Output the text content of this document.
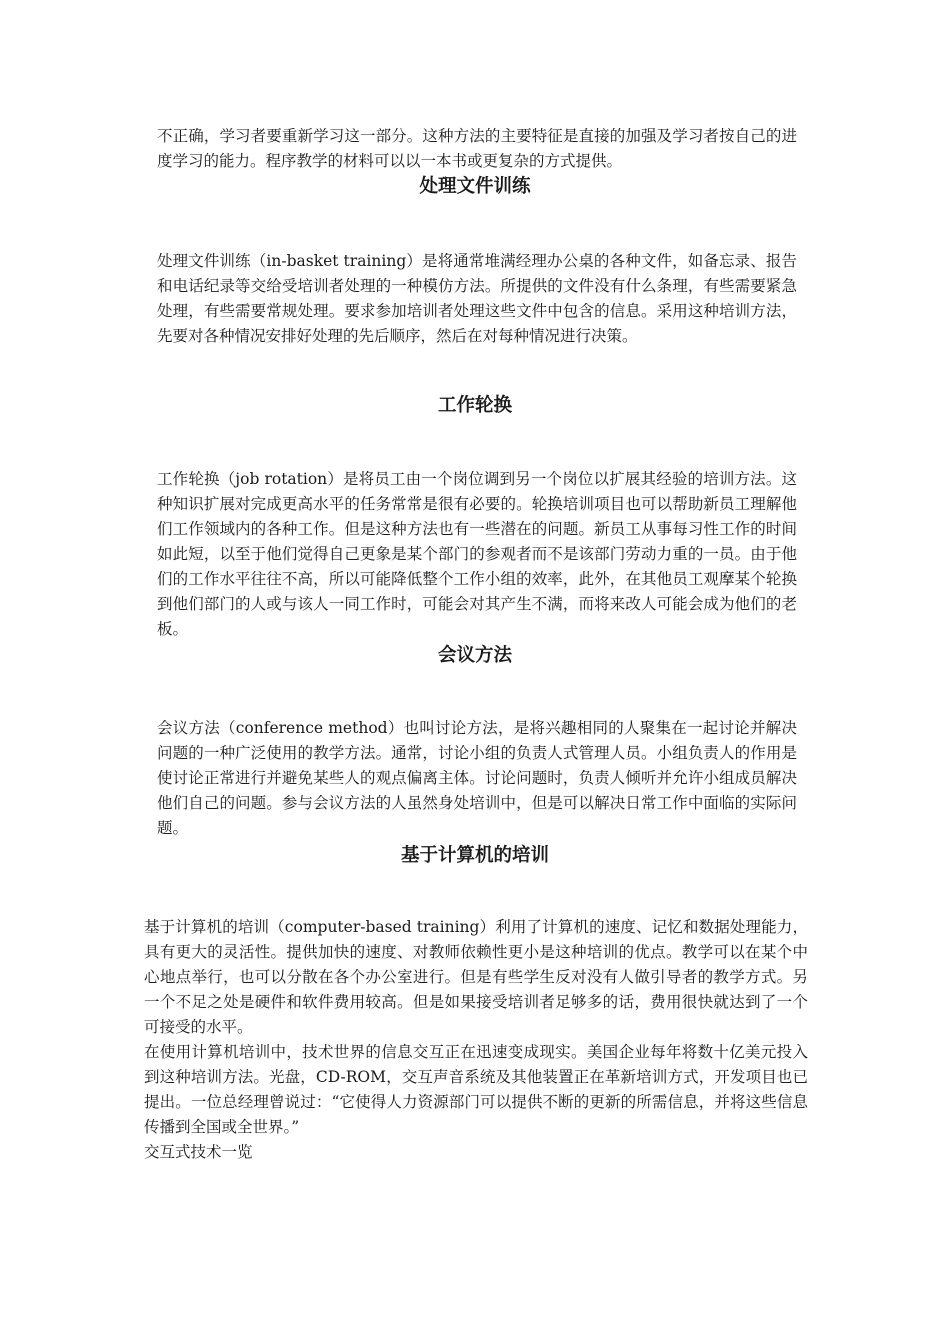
不正确，学习者要重新学习这一部分。这种方法的主要特征是直接的加强及学习者按自己的进度学习的能力。程序教学的材料可以以一本书或更复杂的方式提供。

处理文件训练

处理文件训练（in-basket training）是将通常堆满经理办公桌的各种文件，如备忘录、报告和电话纪录等交给受培训者处理的一种模仿方法。所提供的文件没有什么条理，有些需要紧急处理，有些需要常规处理。要求参加培训者处理这些文件中包含的信息。采用这种培训方法，先要对各种情况安排好处理的先后顺序，然后在对每种情况进行决策。

工作轮换

工作轮换（job rotation）是将员工由一个岗位调到另一个岗位以扩展其经验的培训方法。这种知识扩展对完成更高水平的任务常常是很有必要的。轮换培训项目也可以帮助新员工理解他们工作领域内的各种工作。但是这种方法也有一些潜在的问题。新员工从事每习性工作的时间如此短，以至于他们觉得自己更象是某个部门的参观者而不是该部门劳动力重的一员。由于他们的工作水平往往不高，所以可能降低整个工作小组的效率，此外，在其他员工观摩某个轮换到他们部门的人或与该人一同工作时，可能会对其产生不满，而将来改人可能会成为他们的老板。

会议方法

会议方法（conference method）也叫讨论方法，是将兴趣相同的人聚集在一起讨论并解决问题的一种广泛使用的教学方法。通常，讨论小组的负责人式管理人员。小组负责人的作用是使讨论正常进行并避免某些人的观点偏离主体。讨论问题时，负责人倾听并允许小组成员解决他们自己的问题。参与会议方法的人虽然身处培训中，但是可以解决日常工作中面临的实际问题。

基于计算机的培训

基于计算机的培训（computer-based training）利用了计算机的速度、记忆和数据处理能力，具有更大的灵活性。提供加快的速度、对教师依赖性更小是这种培训的优点。教学可以在某个中心地点举行，也可以分散在各个办公室进行。但是有些学生反对没有人做引导者的教学方式。另一个不足之处是硬件和软件费用较高。但是如果接受培训者足够多的话，费用很快就达到了一个可接受的水平。

在使用计算机培训中，技术世界的信息交互正在迅速变成现实。美国企业每年将数十亿美元投入到这种培训方法。光盘，CD-ROM，交互声音系统及其他装置正在革新培训方式，开发项目也已提出。一位总经理曾说过：“它使得人力资源部门可以提供不断的更新的所需信息，并将这些信息传播到全国或全世界。”

交互式技术一览
